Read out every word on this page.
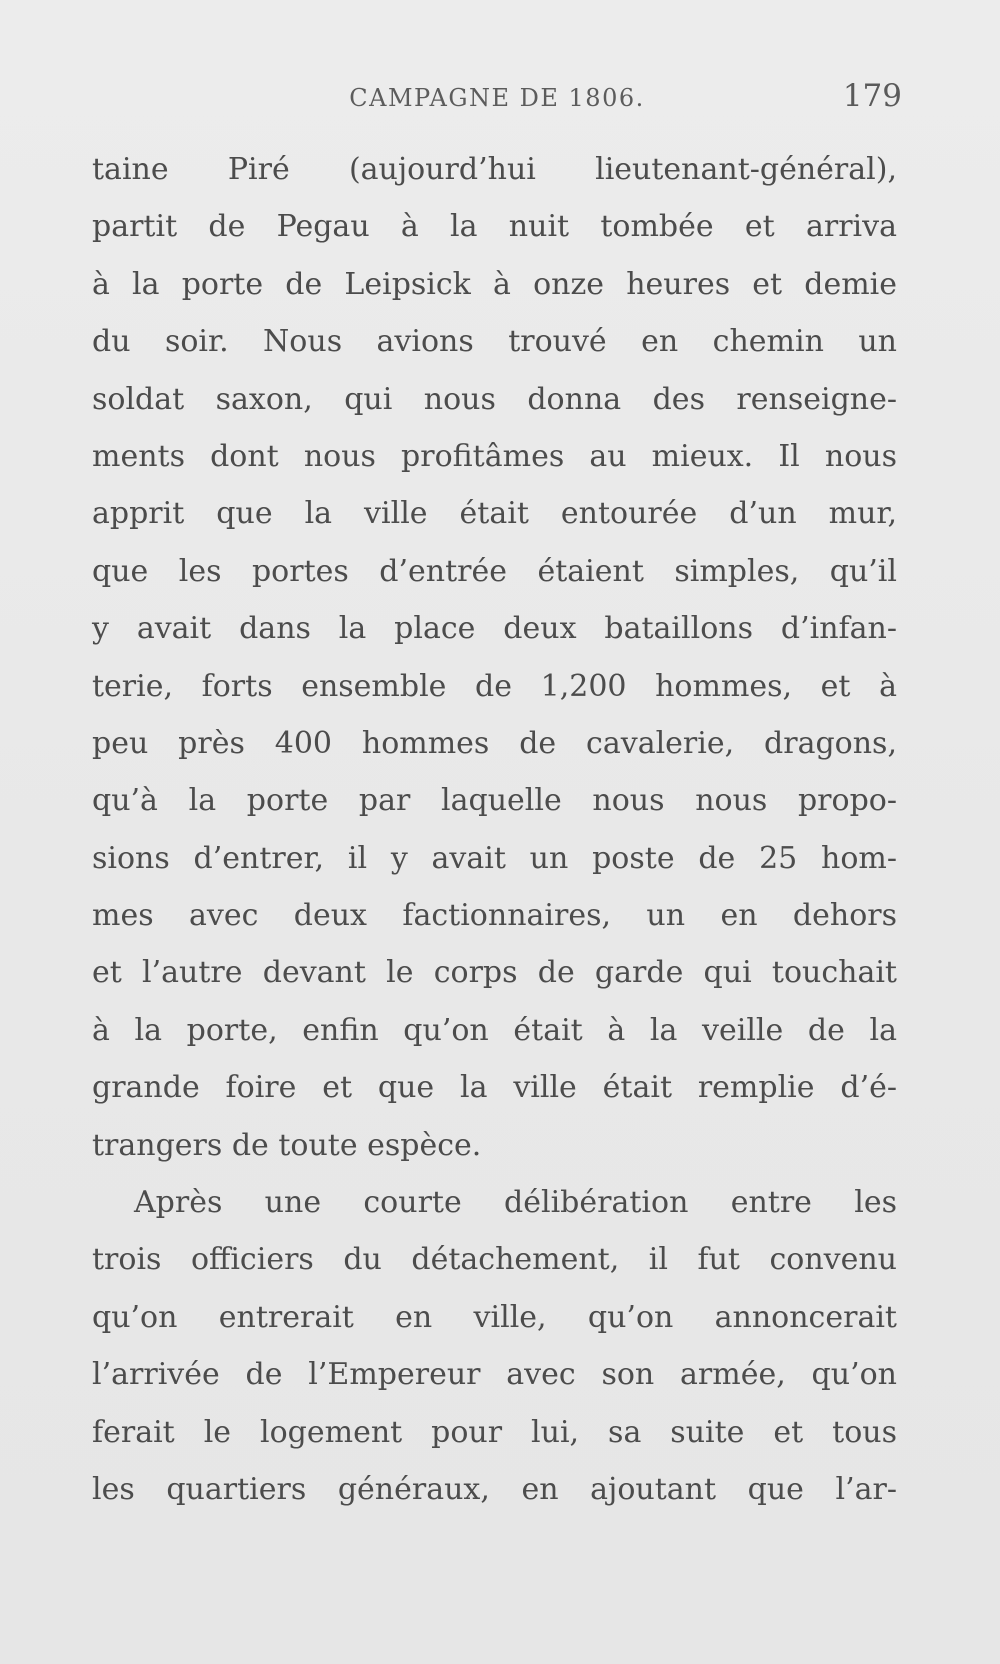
CAMPAGNE DE 1806.	179
taine Piré (aujourd’hui lieutenant-général),
partit de Pegau à la nuit tombée et arriva
à la porte de Leipsick à onze heures et demie
du soir. Nous avions trouvé en chemin un
soldat saxon, qui nous donna des renseigne-
ments dont nous profitâmes au mieux. Il nous
apprit que la ville était entourée d’un mur,
que les portes d’entrée étaient simples, qu’il
y avait dans la place deux bataillons d’infan-
terie, forts ensemble de 1,200 hommes, et à
peu près 400 hommes de cavalerie, dragons,
qu’à la porte par laquelle nous nous propo-
sions d’entrer, il y avait un poste de 25 hom-
mes avec deux factionnaires, un en dehors
et l’autre devant le corps de garde qui touchait
à la porte, enfin qu’on était à la veille de la
grande foire et que la ville était remplie d’é-
trangers de toute espèce.
Après une courte délibération entre les
trois officiers du détachement, il fut convenu
qu’on entrerait en ville, qu’on annoncerait
l’arrivée de l’Empereur avec son armée, qu’on
ferait le logement pour lui, sa suite et tous
les quartiers généraux, en ajoutant que l’ar-
